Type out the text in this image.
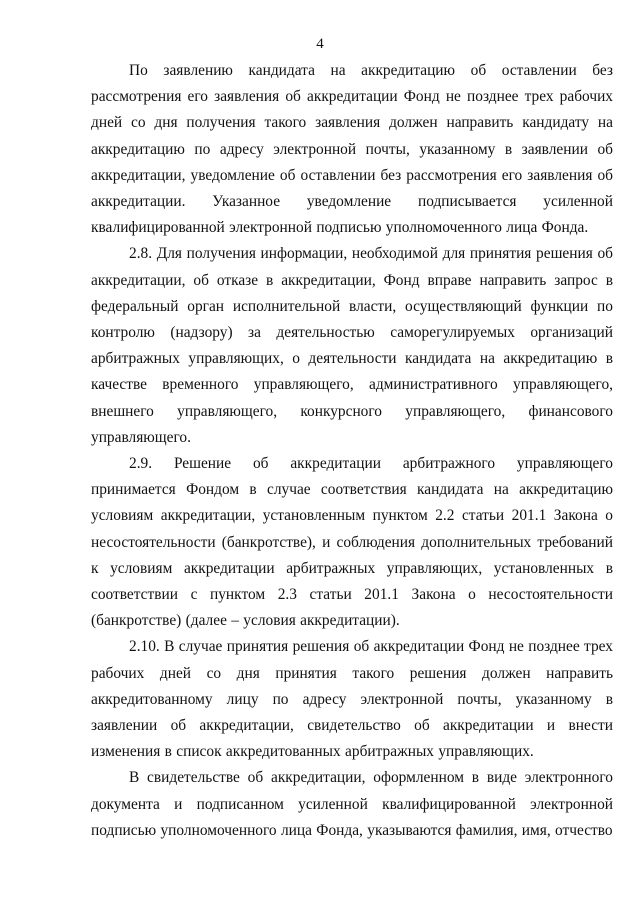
4

По заявлению кандидата на аккредитацию об оставлении без рассмотрения его заявления об аккредитации Фонд не позднее трех рабочих дней со дня получения такого заявления должен направить кандидату на аккредитацию по адресу электронной почты, указанному в заявлении об аккредитации, уведомление об оставлении без рассмотрения его заявления об аккредитации. Указанное уведомление подписывается усиленной квалифицированной электронной подписью уполномоченного лица Фонда.

2.8. Для получения информации, необходимой для принятия решения об аккредитации, об отказе в аккредитации, Фонд вправе направить запрос в федеральный орган исполнительной власти, осуществляющий функции по контролю (надзору) за деятельностью саморегулируемых организаций арбитражных управляющих, о деятельности кандидата на аккредитацию в качестве временного управляющего, административного управляющего, внешнего управляющего, конкурсного управляющего, финансового управляющего.

2.9. Решение об аккредитации арбитражного управляющего принимается Фондом в случае соответствия кандидата на аккредитацию условиям аккредитации, установленным пунктом 2.2 статьи 201.1 Закона о несостоятельности (банкротстве), и соблюдения дополнительных требований к условиям аккредитации арбитражных управляющих, установленных в соответствии с пунктом 2.3 статьи 201.1 Закона о несостоятельности (банкротстве) (далее – условия аккредитации).

2.10. В случае принятия решения об аккредитации Фонд не позднее трех рабочих дней со дня принятия такого решения должен направить аккредитованному лицу по адресу электронной почты, указанному в заявлении об аккредитации, свидетельство об аккредитации и внести изменения в список аккредитованных арбитражных управляющих.

В свидетельстве об аккредитации, оформленном в виде электронного документа и подписанном усиленной квалифицированной электронной подписью уполномоченного лица Фонда, указываются фамилия, имя, отчество
